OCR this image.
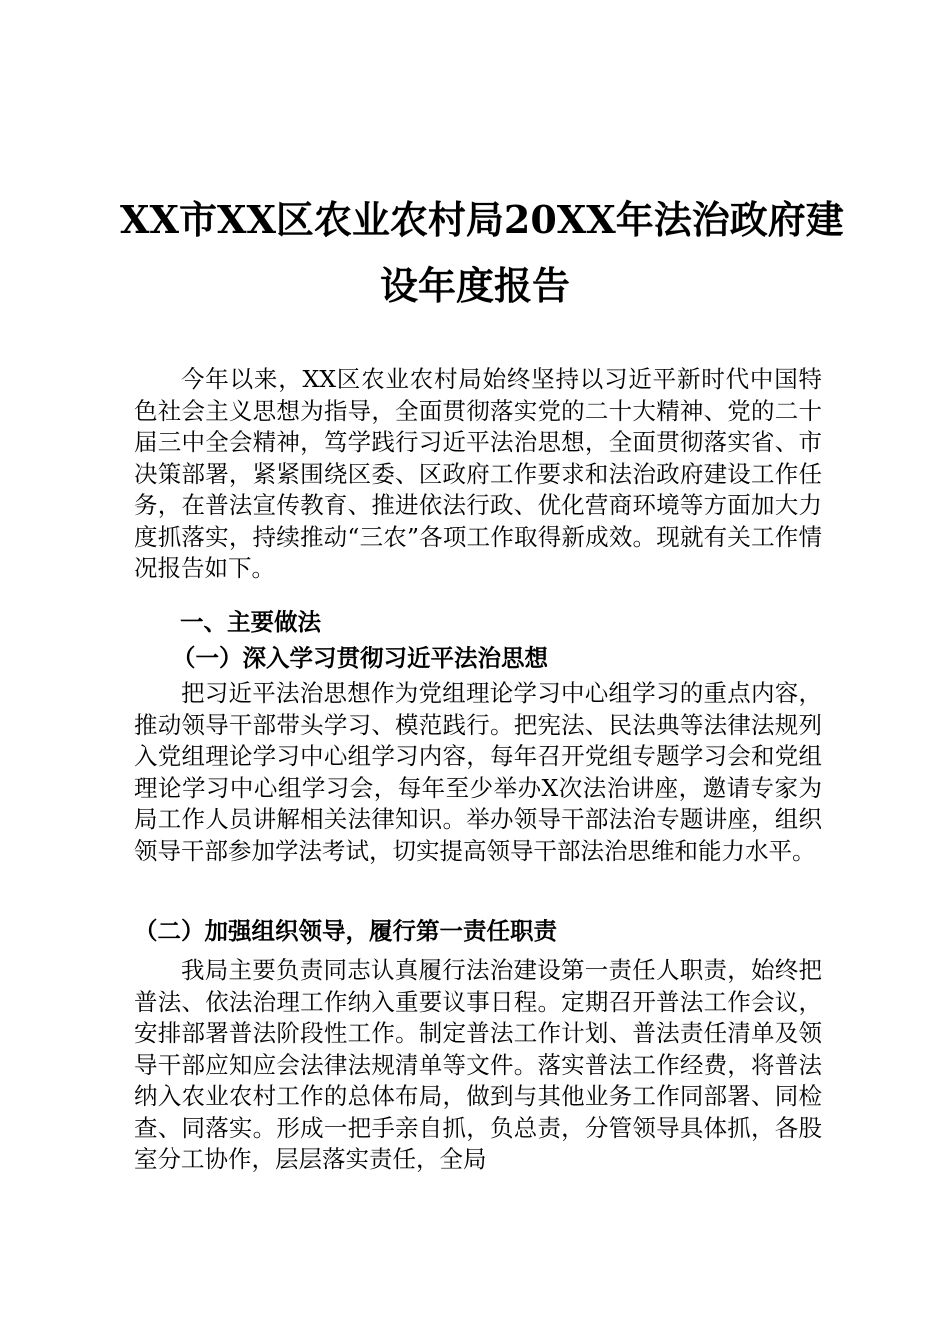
XX市XX区农业农村局20XX年法治政府建
设年度报告

今年以来，XX区农业农村局始终坚持以习近平新时代中国特色社会主义思想为指导，全面贯彻落实党的二十大精神、党的二十届三中全会精神，笃学践行习近平法治思想，全面贯彻落实省、市决策部署，紧紧围绕区委、区政府工作要求和法治政府建设工作任务，在普法宣传教育、推进依法行政、优化营商环境等方面加大力度抓落实，持续推动“三农”各项工作取得新成效。现就有关工作情况报告如下。

一、主要做法
（一）深入学习贯彻习近平法治思想

把习近平法治思想作为党组理论学习中心组学习的重点内容，推动领导干部带头学习、模范践行。把宪法、民法典等法律法规列入党组理论学习中心组学习内容，每年召开党组专题学习会和党组理论学习中心组学习会，每年至少举办X次法治讲座，邀请专家为局工作人员讲解相关法律知识。举办领导干部法治专题讲座，组织领导干部参加学法考试，切实提高领导干部法治思维和能力水平。

（二）加强组织领导，履行第一责任职责

我局主要负责同志认真履行法治建设第一责任人职责，始终把普法、依法治理工作纳入重要议事日程。定期召开普法工作会议，安排部署普法阶段性工作。制定普法工作计划、普法责任清单及领导干部应知应会法律法规清单等文件。落实普法工作经费，将普法纳入农业农村工作的总体布局，做到与其他业务工作同部署、同检查、同落实。形成一把手亲自抓，负总责，分管领导具体抓，各股室分工协作，层层落实责任，全局
